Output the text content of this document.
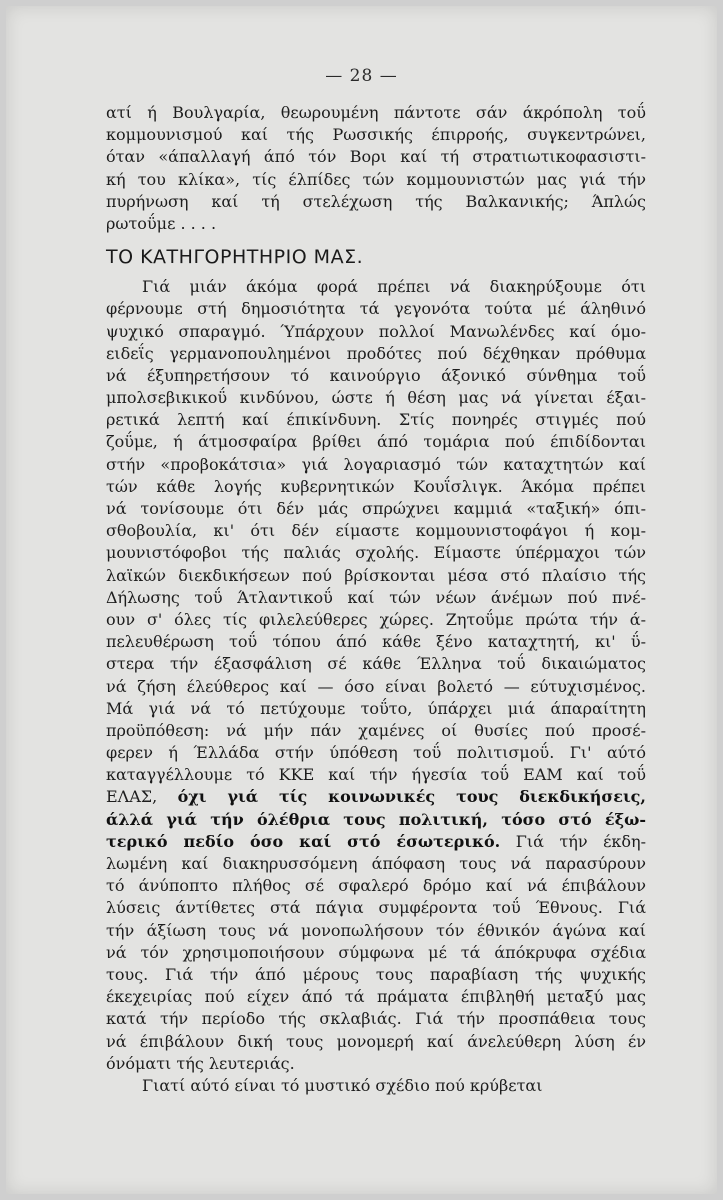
— 28 —
ατί ή Βουλγαρία, θεωρουμένη πάντοτε σάν άκρόπολη τοΰ
κομμουνισμού καί τής Ρωσσικής έπιρροής, συγκεντρώνει,
όταν «άπαλλαγή άπό τόν Βορι καί τή στρατιωτικοφασιστι-
κή του κλίκα», τίς έλπίδες τών κομμουνιστών μας γιά τήν
πυρήνωση καί τή στελέχωση τής Βαλκανικής; Άπλώς
ρωτοΰμε . . . .
ΤΟ ΚΑΤΗΓΟΡΗΤΗΡΙΟ ΜΑΣ.
Γιά μιάν άκόμα φορά πρέπει νά διακηρύξουμε ότι
φέρνουμε στή δημοσιότητα τά γεγονότα τούτα μέ άληθινό
ψυχικό σπαραγμό. Ύπάρχουν πολλοί Μανωλένδες καί όμο-
ειδεΐς γερμανοπουλημένοι προδότες πού δέχθηκαν πρόθυμα
νά έξυπηρετήσουν τό καινούργιο άξονικό σύνθημα τοΰ
μπολσεβικικοΰ κινδύνου, ώστε ή θέση μας νά γίνεται έξαι-
ρετικά λεπτή καί έπικίνδυνη. Στίς πονηρές στιγμές πού
ζοΰμε, ή άτμοσφαίρα βρίθει άπό τομάρια πού έπιδίδονται
στήν «προβοκάτσια» γιά λογαριασμό τών καταχτητών καί
τών κάθε λογής κυβερνητικών Κουΐσλιγκ. Άκόμα πρέπει
νά τονίσουμε ότι δέν μάς σπρώχνει καμμιά «ταξική» όπι-
σθοβουλία, κι' ότι δέν είμαστε κομμουνιστοφάγοι ή κομ-
μουνιστόφοβοι τής παλιάς σχολής. Είμαστε ύπέρμαχοι τών
λαϊκών διεκδικήσεων πού βρίσκονται μέσα στό πλαίσιο τής
Δήλωσης τοΰ Άτλαντικοΰ καί τών νέων άνέμων πού πνέ-
ουν σ' όλες τίς φιλελεύθερες χώρες. Ζητοΰμε πρώτα τήν ά-
πελευθέρωση τοΰ τόπου άπό κάθε ξένο καταχτητή, κι' ΰ-
στερα τήν έξασφάλιση σέ κάθε Έλληνα τοΰ δικαιώματος
νά ζήση έλεύθερος καί — όσο είναι βολετό — εύτυχισμένος.
Μά γιά νά τό πετύχουμε τοΰτο, ύπάρχει μιά άπαραίτητη
προϋπόθεση: νά μήν πάν χαμένες οί θυσίες πού προσέ-
φερεν ή Έλλάδα στήν ύπόθεση τοΰ πολιτισμοΰ. Γι' αύτό
καταγγέλλουμε τό ΚΚΕ καί τήν ήγεσία τοΰ ΕΑΜ καί τοΰ
ΕΛΑΣ, όχι γιά τίς κοινωνικές τους διεκδικήσεις,
άλλά γιά τήν όλέθρια τους πολιτική, τόσο στό έξω-
τερικό πεδίο όσο καί στό έσωτερικό. Γιά τήν έκδη-
λωμένη καί διακηρυσσόμενη άπόφαση τους νά παρασύρουν
τό άνύποπτο πλήθος σέ σφαλερό δρόμο καί νά έπιβάλουν
λύσεις άντίθετες στά πάγια συμφέροντα τοΰ Έθνους. Γιά
τήν άξίωση τους νά μονοπωλήσουν τόν έθνικόν άγώνα καί
νά τόν χρησιμοποιήσουν σύμφωνα μέ τά άπόκρυφα σχέδια
τους. Γιά τήν άπό μέρους τους παραβίαση τής ψυχικής
έκεχειρίας πού είχεν άπό τά πράματα έπιβληθή μεταξύ μας
κατά τήν περίοδο τής σκλαβιάς. Γιά τήν προσπάθεια τους
νά έπιβάλουν δική τους μονομερή καί άνελεύθερη λύση έν
όνόματι τής λευτεριάς.
Γιατί αύτό είναι τό μυστικό σχέδιο πού κρύβεται
